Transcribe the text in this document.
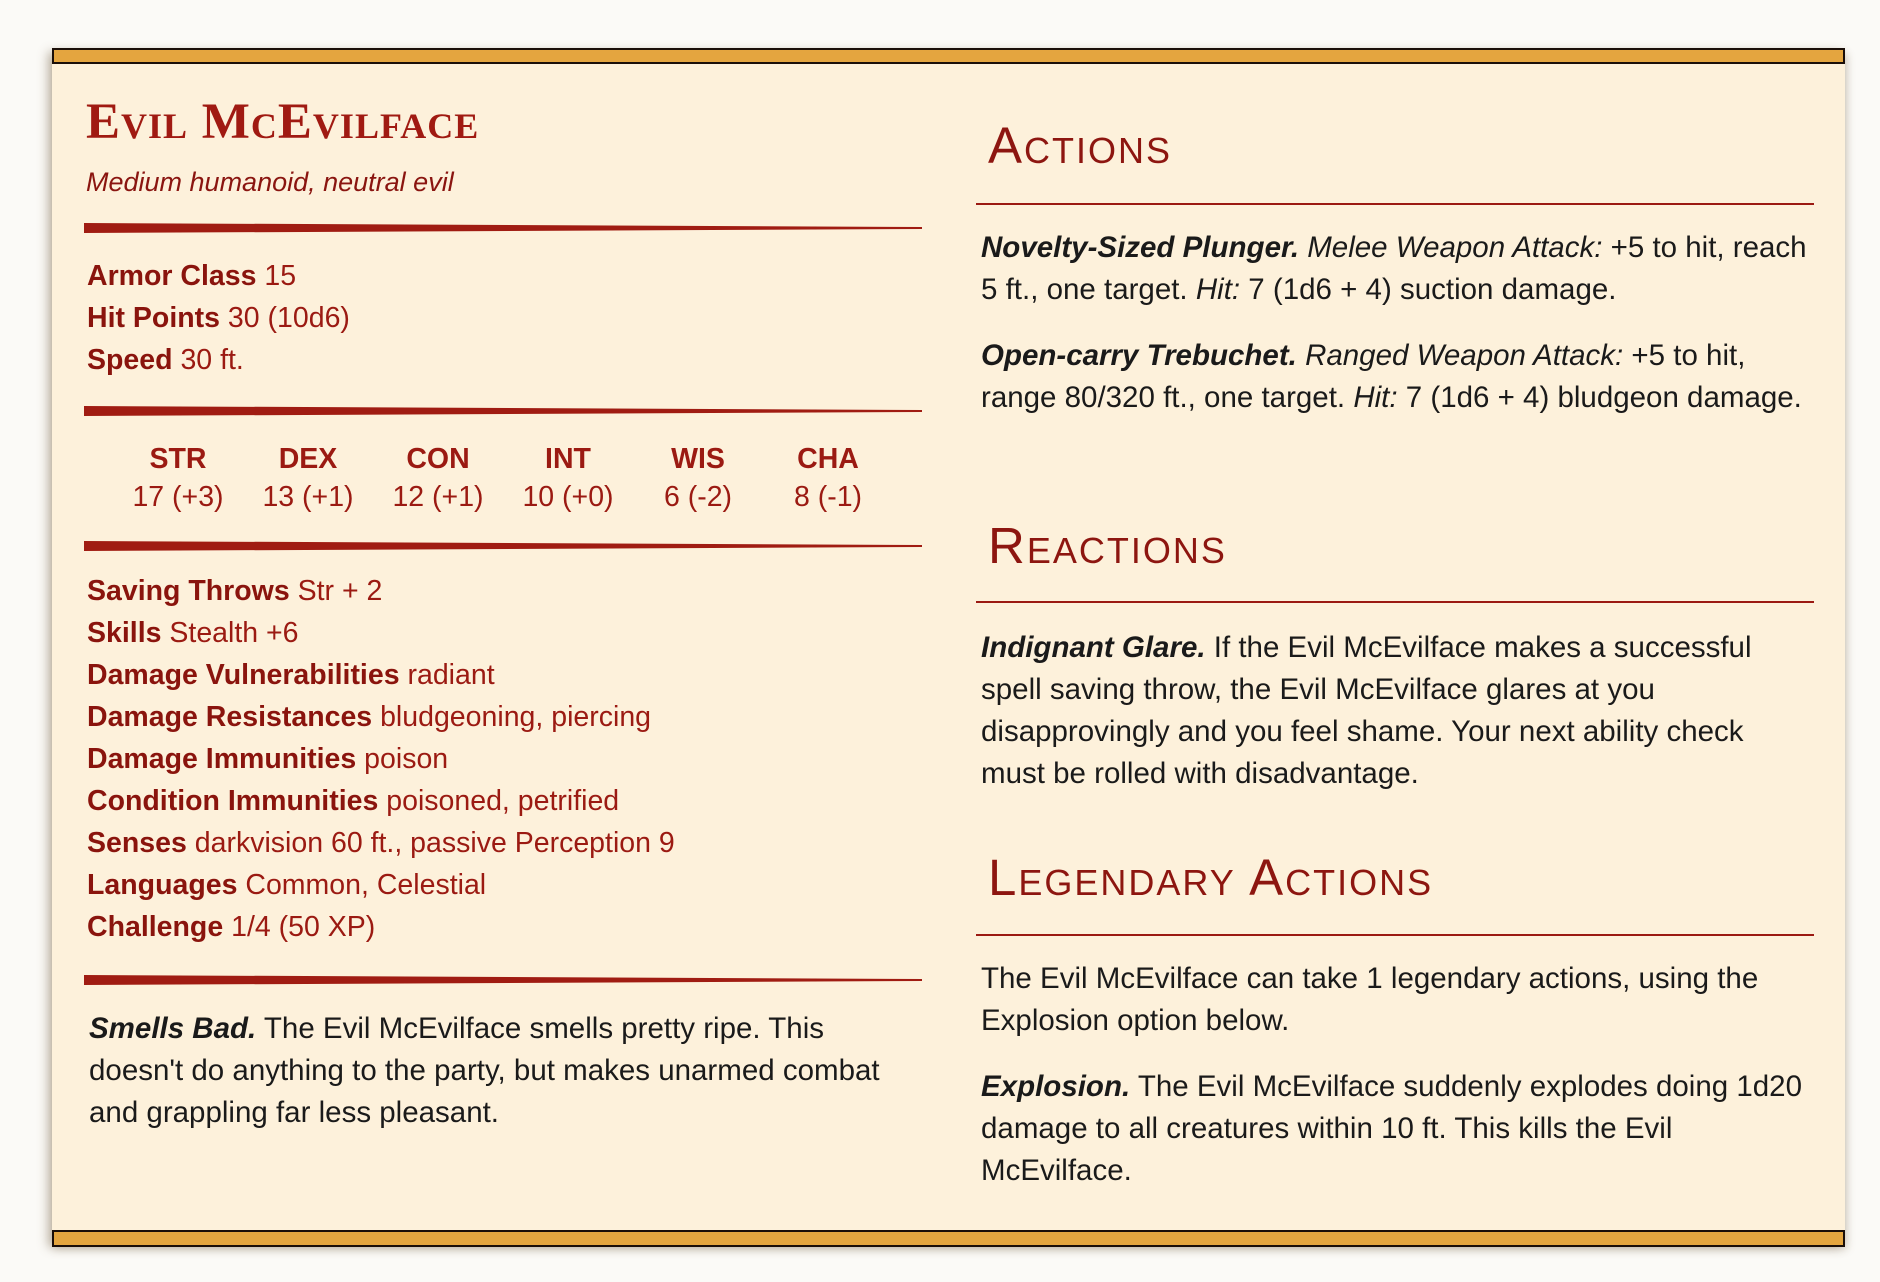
Evil McEvilface
Medium humanoid, neutral evil
Armor Class 15
Hit Points 30 (10d6)
Speed 30 ft.
STR
17 (+3)
DEX
13 (+1)
CON
12 (+1)
INT
10 (+0)
WIS
6 (-2)
CHA
8 (-1)
Saving Throws Str + 2
Skills Stealth +6
Damage Vulnerabilities radiant
Damage Resistances bludgeoning, piercing
Damage Immunities poison
Condition Immunities poisoned, petrified
Senses darkvision 60 ft., passive Perception 9
Languages Common, Celestial
Challenge 1/4 (50 XP)

Smells Bad. The Evil McEvilface smells pretty ripe. This doesn't do anything to the party, but makes unarmed combat and grappling far less pleasant.

Actions

Novelty-Sized Plunger. Melee Weapon Attack: +5 to hit, reach 5 ft., one target. Hit: 7 (1d6 + 4) suction damage.

Open-carry Trebuchet. Ranged Weapon Attack: +5 to hit, range 80/320 ft., one target. Hit: 7 (1d6 + 4) bludgeon damage.

Reactions

Indignant Glare. If the Evil McEvilface makes a successful spell saving throw, the Evil McEvilface glares at you disapprovingly and you feel shame. Your next ability check must be rolled with disadvantage.

Legendary Actions

The Evil McEvilface can take 1 legendary actions, using the Explosion option below.

Explosion. The Evil McEvilface suddenly explodes doing 1d20 damage to all creatures within 10 ft. This kills the Evil McEvilface.
